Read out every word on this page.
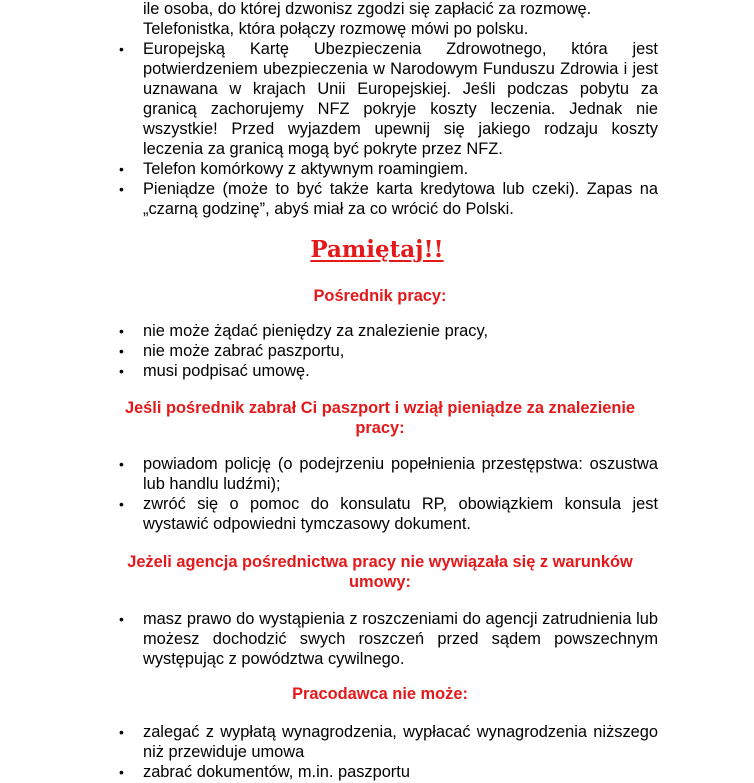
ile osoba, do której dzwonisz zgodzi się zapłacić za rozmowę.

Telefonistka, która połączy rozmowę mówi po polsku.

• Europejską Kartę Ubezpieczenia Zdrowotnego, która jest potwierdzeniem ubezpieczenia w Narodowym Funduszu Zdrowia i jest uznawana w krajach Unii Europejskiej. Jeśli podczas pobytu za granicą zachorujemy NFZ pokryje koszty leczenia. Jednak nie wszystkie! Przed wyjazdem upewnij się jakiego rodzaju koszty leczenia za granicą mogą być pokryte przez NFZ.
• Telefon komórkowy z aktywnym roamingiem.
• Pieniądze (może to być także karta kredytowa lub czeki). Zapas na „czarną godzinę”, abyś miał za co wrócić do Polski.

Pamiętaj!!

Pośrednik pracy:

• nie może żądać pieniędzy za znalezienie pracy,
• nie może zabrać paszportu,
• musi podpisać umowę.

Jeśli pośrednik zabrał Ci paszport i wziął pieniądze za znalezienie pracy:

• powiadom policję (o podejrzeniu popełnienia przestępstwa: oszustwa lub handlu ludźmi);
• zwróć się o pomoc do konsulatu RP, obowiązkiem konsula jest wystawić odpowiedni tymczasowy dokument.

Jeżeli agencja pośrednictwa pracy nie wywiązała się z warunków umowy:

• masz prawo do wystąpienia z roszczeniami do agencji zatrudnienia lub możesz dochodzić swych roszczeń przed sądem powszechnym występując z powództwa cywilnego.

Pracodawca nie może:

• zalegać z wypłatą wynagrodzenia, wypłacać wynagrodzenia niższego niż przewiduje umowa
• zabrać dokumentów, m.in. paszportu
